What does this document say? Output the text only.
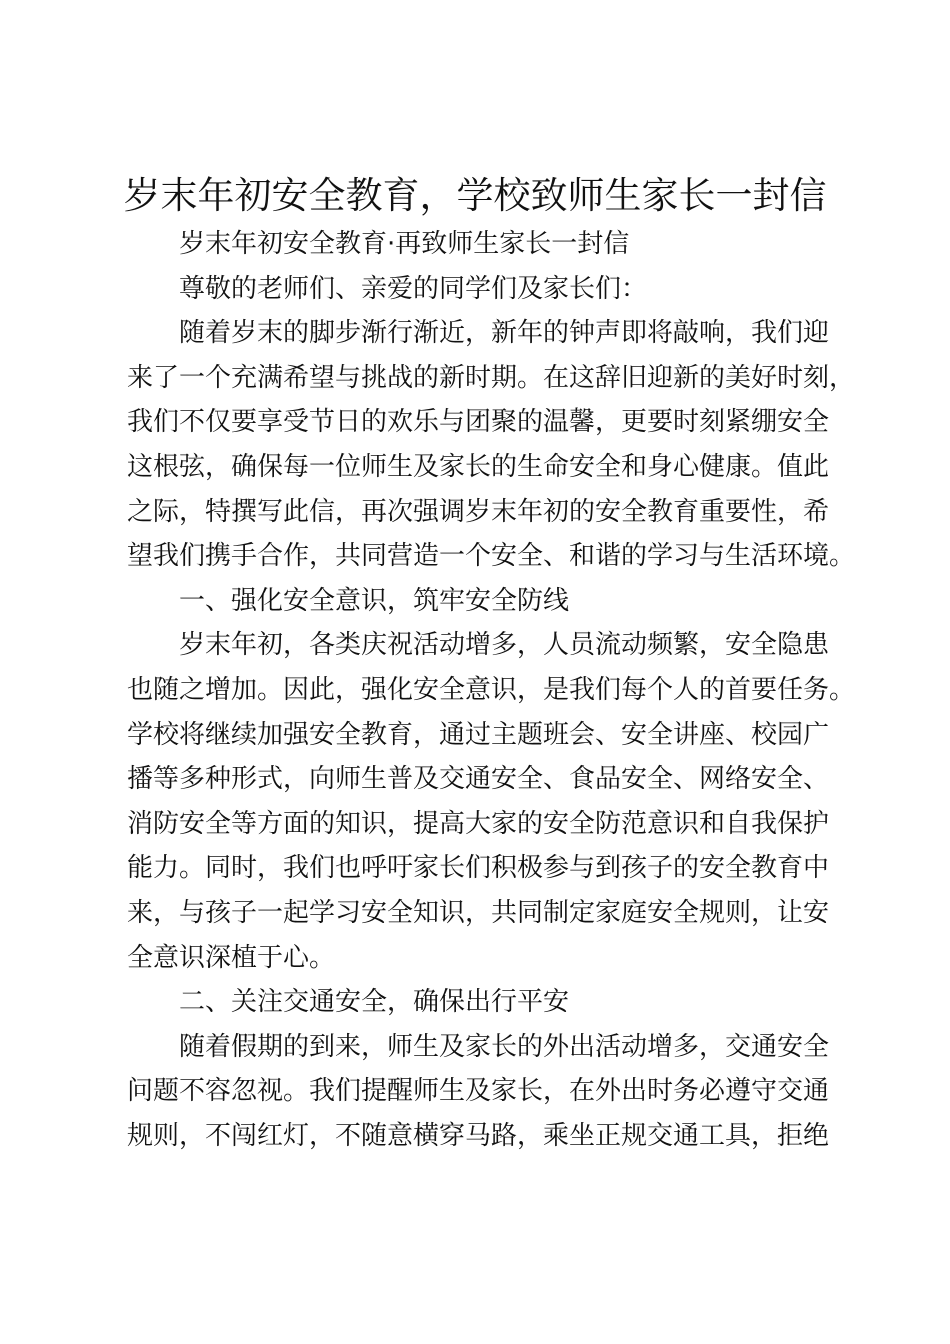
岁末年初安全教育，学校致师生家长一封信
岁末年初安全教育·再致师生家长一封信
尊敬的老师们、亲爱的同学们及家长们：
随着岁末的脚步渐行渐近，新年的钟声即将敲响，我们迎
来了一个充满希望与挑战的新时期。在这辞旧迎新的美好时刻，
我们不仅要享受节日的欢乐与团聚的温馨，更要时刻紧绷安全
这根弦，确保每一位师生及家长的生命安全和身心健康。值此
之际，特撰写此信，再次强调岁末年初的安全教育重要性，希
望我们携手合作，共同营造一个安全、和谐的学习与生活环境。
一、强化安全意识，筑牢安全防线
岁末年初，各类庆祝活动增多，人员流动频繁，安全隐患
也随之增加。因此，强化安全意识，是我们每个人的首要任务。
学校将继续加强安全教育，通过主题班会、安全讲座、校园广
播等多种形式，向师生普及交通安全、食品安全、网络安全、
消防安全等方面的知识，提高大家的安全防范意识和自我保护
能力。同时，我们也呼吁家长们积极参与到孩子的安全教育中
来，与孩子一起学习安全知识，共同制定家庭安全规则，让安
全意识深植于心。
二、关注交通安全，确保出行平安
随着假期的到来，师生及家长的外出活动增多，交通安全
问题不容忽视。我们提醒师生及家长，在外出时务必遵守交通
规则，不闯红灯，不随意横穿马路，乘坐正规交通工具，拒绝
